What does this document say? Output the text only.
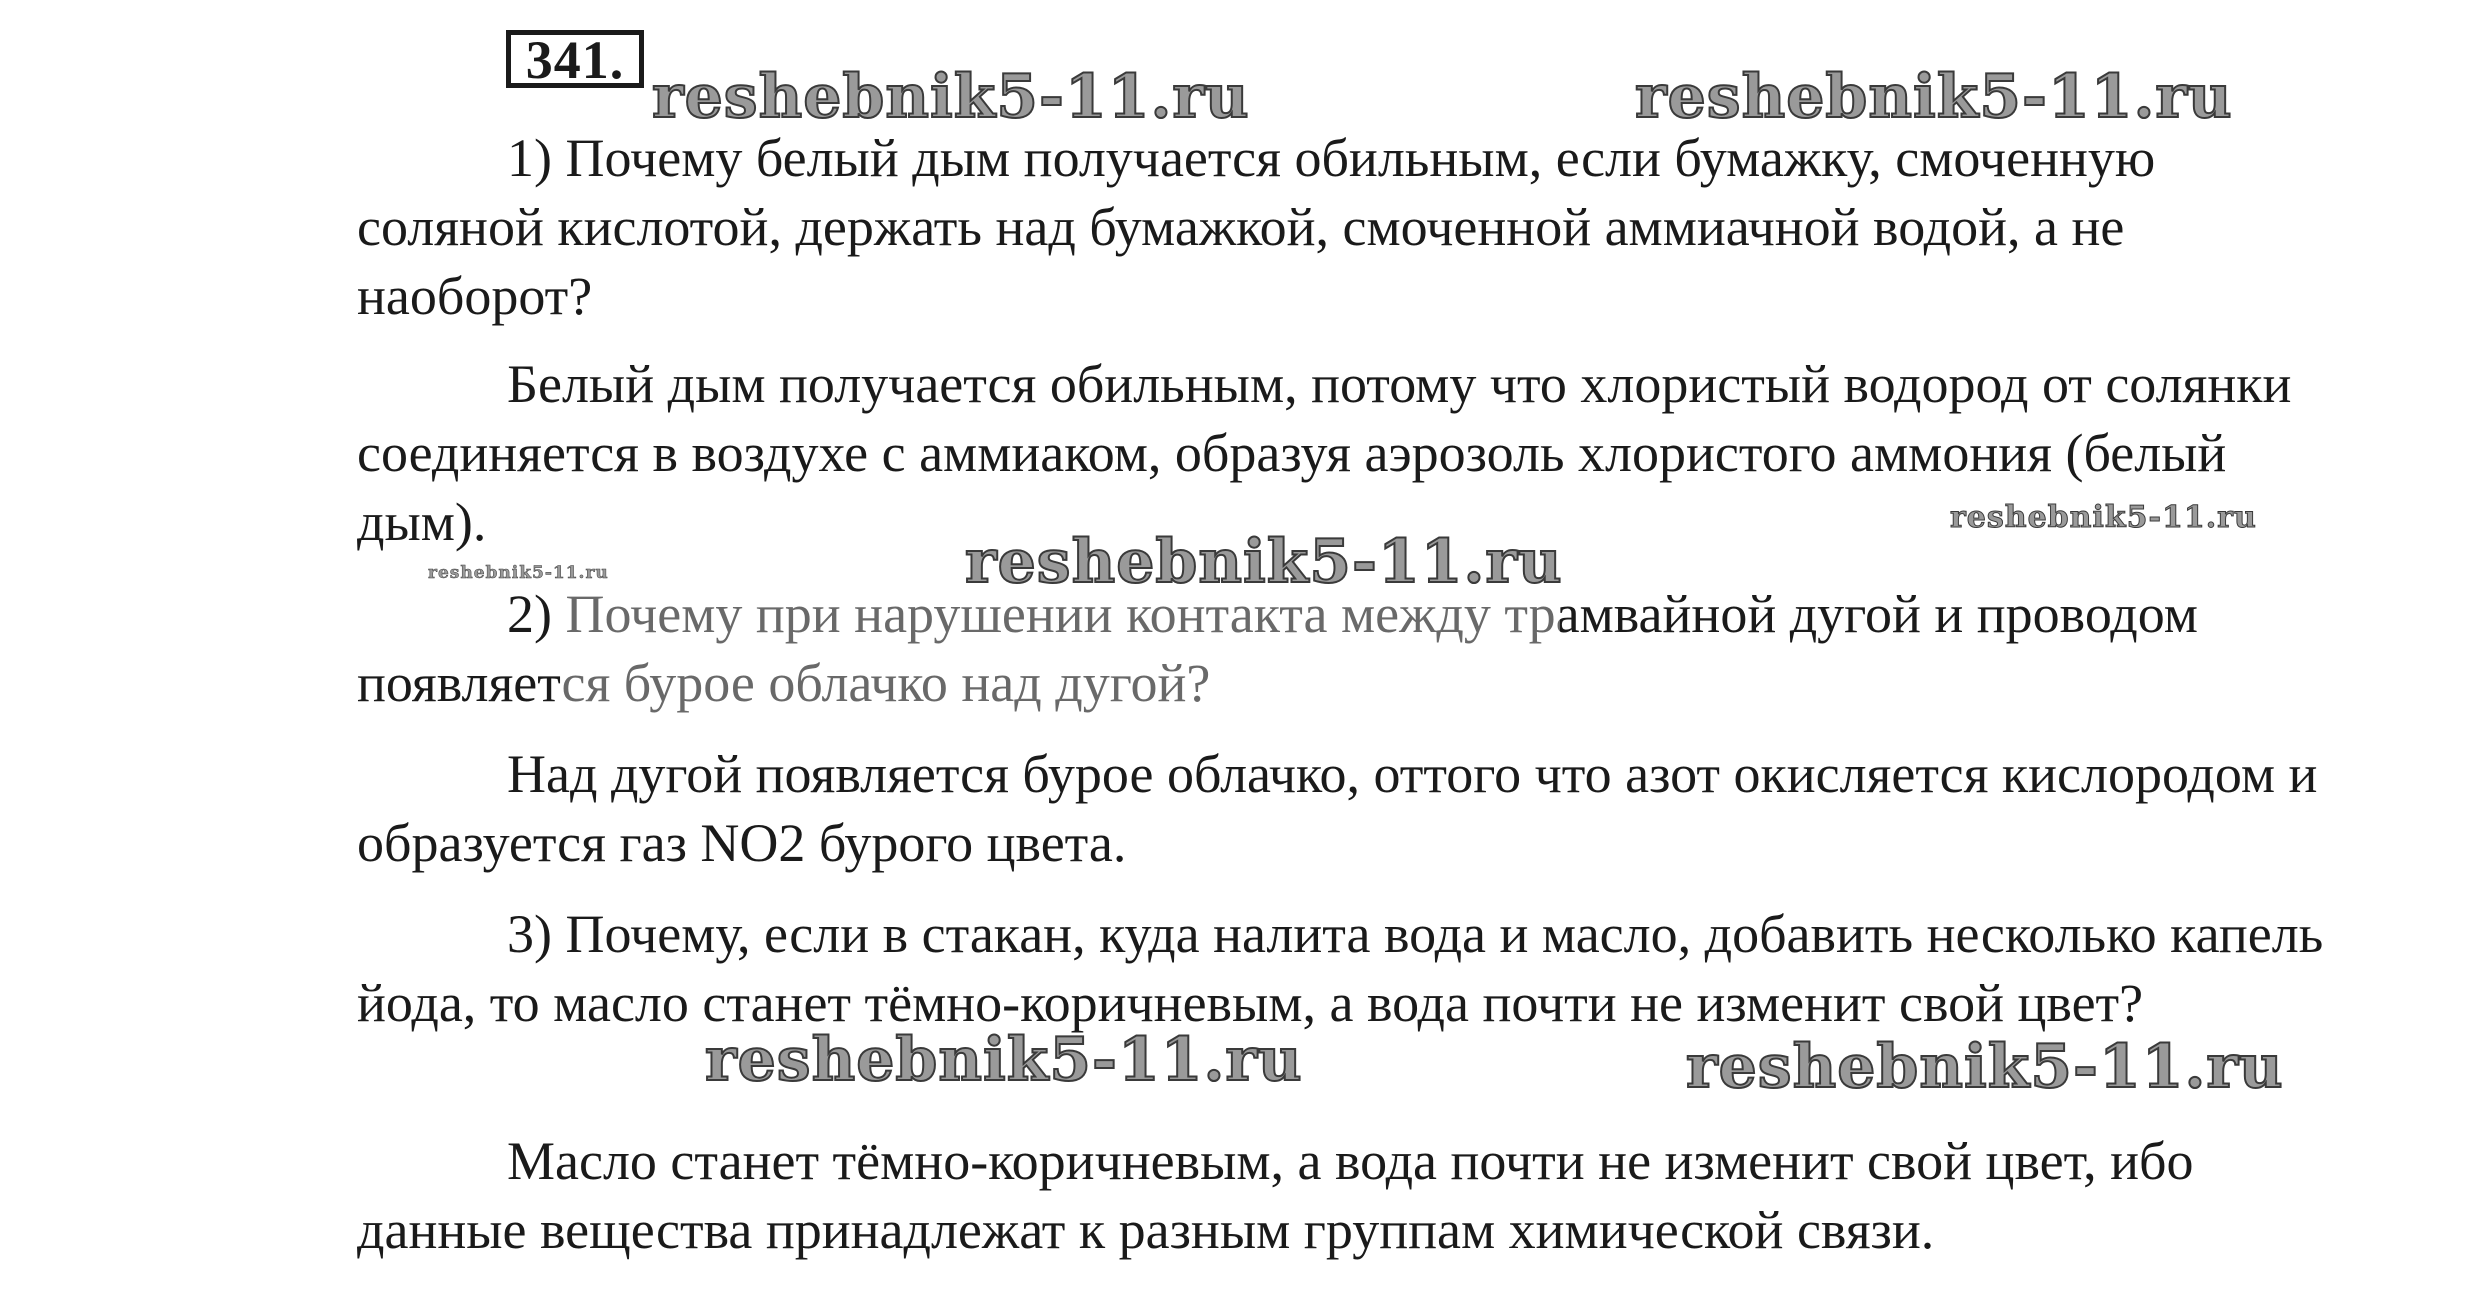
341.

1) Почему белый дым получается обильным, если бумажку, смоченную соляной кислотой, держать над бумажкой, смоченной аммиачной водой, а не наоборот?

Белый дым получается обильным, потому что хлористый водород от солянки соединяется в воздухе с аммиаком, образуя аэрозоль хлористого аммония (белый дым).

2) Почему при нарушении контакта между трамвайной дугой и проводом появляется бурое облачко над дугой?

Над дугой появляется бурое облачко, оттого что азот окисляется кислородом и образуется газ NO2 бурого цвета.

3) Почему, если в стакан, куда налита вода и масло, добавить несколько капель йода, то масло станет тёмно-коричневым, а вода почти не изменит свой цвет?

Масло станет тёмно-коричневым, а вода почти не изменит свой цвет, ибо данные вещества принадлежат к разным группам химической связи.

reshebnik5-11.ru	reshebnik5-11.ru
reshebnik5-11.ru
reshebnik5-11.ru
reshebnik5-11.ru
reshebnik5-11.ru	reshebnik5-11.ru
